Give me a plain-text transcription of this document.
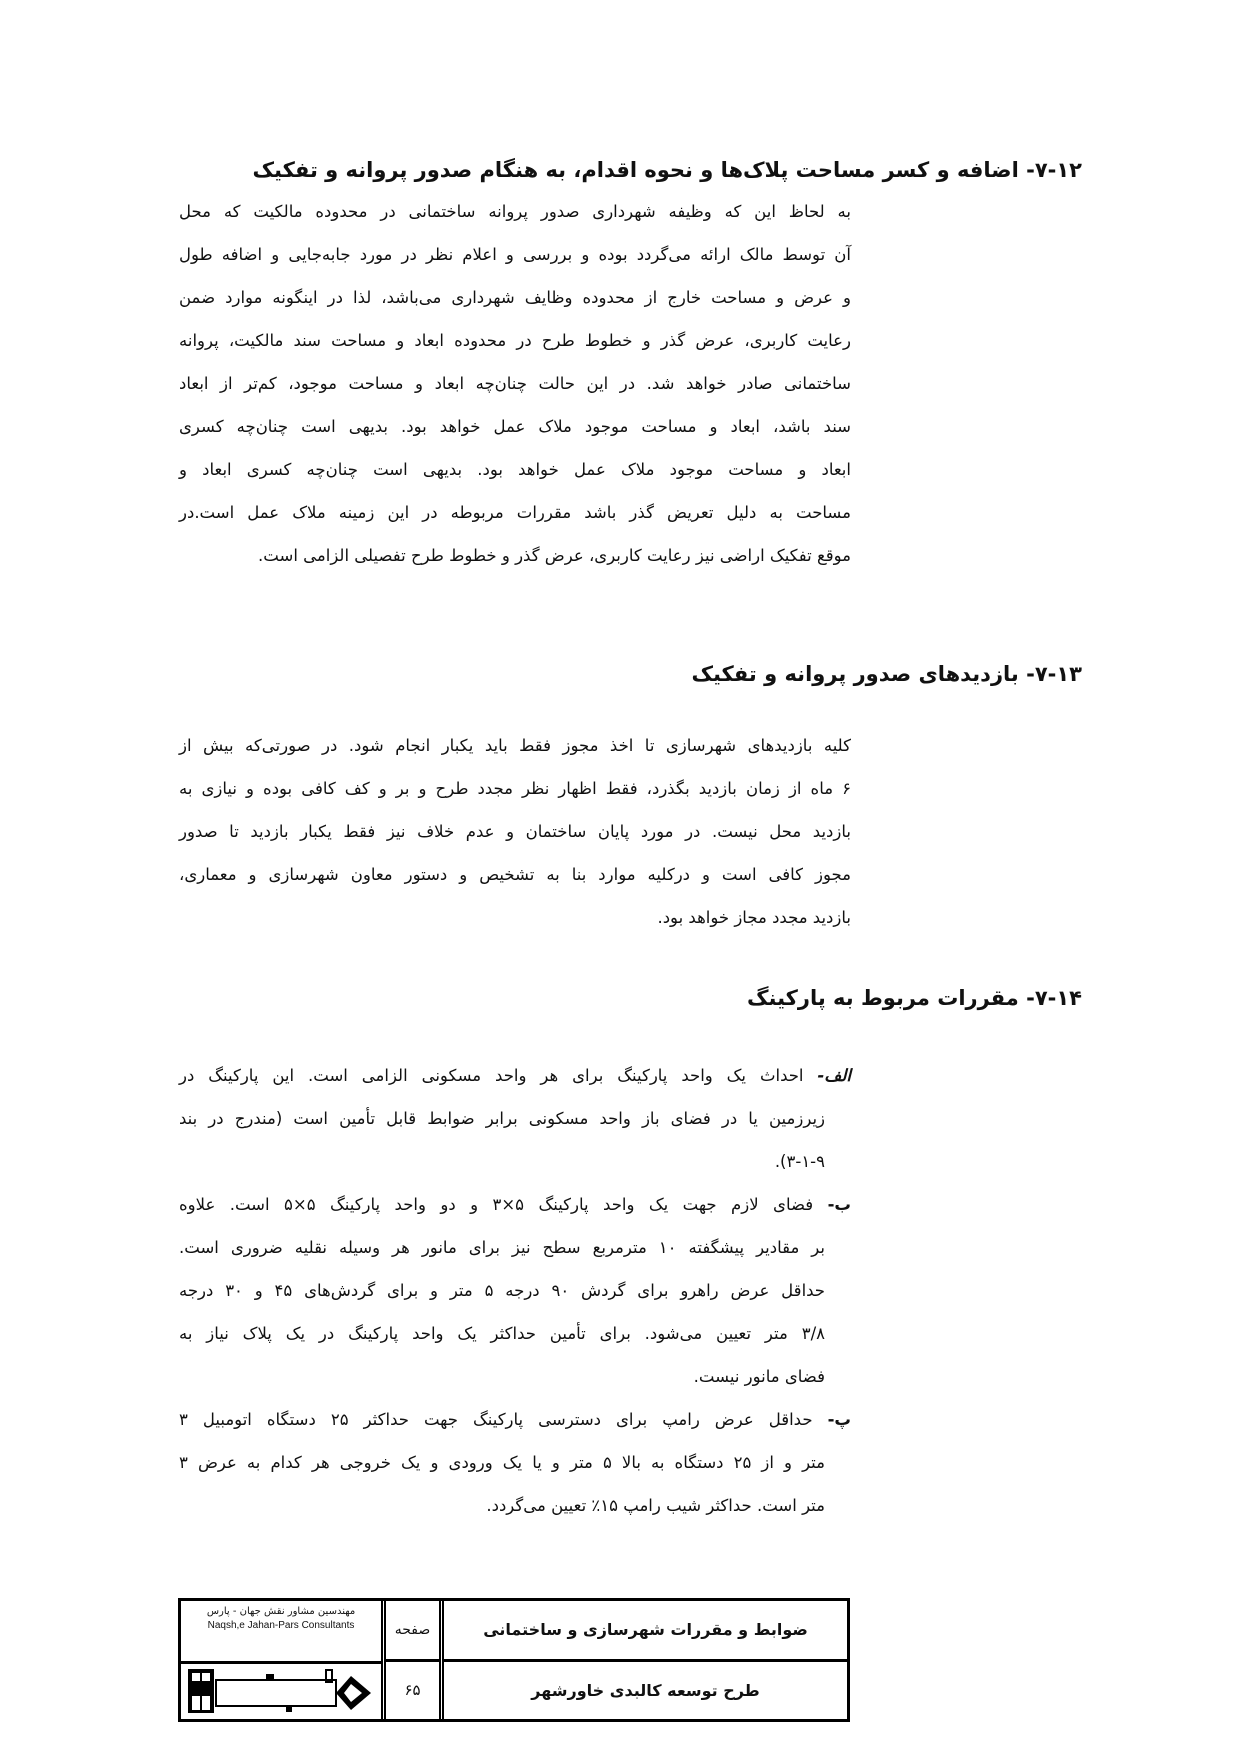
۷-۱۲- اضافه و کسر مساحت پلاک‌ها و نحوه اقدام، به هنگام صدور پروانه و تفکیک
به لحاظ این که وظیفه شهرداری صدور پروانه ساختمانی در محدوده مالکیت که محل
آن توسط مالک ارائه می‌گردد بوده و بررسی و اعلام نظر در مورد جابه‌جایی و اضافه طول
و عرض و مساحت خارج از محدوده وظایف شهرداری می‌باشد، لذا در اینگونه موارد ضمن
رعایت کاربری، عرض گذر و خطوط طرح در محدوده ابعاد و مساحت سند مالکیت، پروانه
ساختمانی صادر خواهد شد. در این حالت چنان‌چه ابعاد و مساحت موجود، کم‌تر از ابعاد
سند باشد، ابعاد و مساحت موجود ملاک عمل خواهد بود. بدیهی است چنان‌چه کسری
ابعاد و مساحت موجود ملاک عمل خواهد بود. بدیهی است چنان‌چه کسری ابعاد و
مساحت به دلیل تعریض گذر باشد مقررات مربوطه در این زمینه ملاک عمل است.در
موقع تفکیک اراضی نیز رعایت کاربری، عرض گذر و خطوط طرح تفصیلی الزامی است.
۷-۱۳- بازدیدهای صدور پروانه و تفکیک
کلیه بازدیدهای شهرسازی تا اخذ مجوز فقط باید یکبار انجام شود. در صورتی‌که بیش از
۶ ماه از زمان بازدید بگذرد، فقط اظهار نظر مجدد طرح و بر و کف کافی بوده و نیازی به
بازدید محل نیست. در مورد پایان ساختمان و عدم خلاف نیز فقط یکبار بازدید تا صدور
مجوز کافی است و درکلیه موارد بنا به تشخیص و دستور معاون شهرسازی و معماری،
بازدید مجدد مجاز خواهد بود.
۷-۱۴- مقررات مربوط به پارکینگ
الف- احداث یک واحد پارکینگ برای هر واحد مسکونی الزامی است. این پارکینگ در
زیرزمین یا در فضای باز واحد مسکونی برابر ضوابط قابل تأمین است (مندرج در بند
۳-۱-۹).
ب- فضای لازم جهت یک واحد پارکینگ ۵×۳ و دو واحد پارکینگ ۵×۵ است. علاوه
بر مقادیر پیشگفته ۱۰ مترمربع سطح نیز برای مانور هر وسیله نقلیه ضروری است.
حداقل عرض راهرو برای گردش ۹۰ درجه ۵ متر و برای گردش‌های ۴۵ و ۳۰ درجه
۳/۸ متر تعیین می‌شود. برای تأمین حداکثر یک واحد پارکینگ در یک پلاک نیاز به
فضای مانور نیست.
پ- حداقل عرض رامپ برای دسترسی پارکینگ جهت حداکثر ۲۵ دستگاه اتومبیل ۳
متر و از ۲۵ دستگاه به بالا ۵ متر و یا یک ورودی و یک خروجی هر کدام به عرض ۳
متر است. حداکثر شیب رامپ ۱۵٪ تعیین می‌گردد.
مهندسین مشاور نقش جهان - پارس
Naqsh,e Jahan-Pars Consultants	صفحه
۶۵
ضوابط و مقررات شهرسازی و ساختمانی
طرح توسعه کالبدی خاورشهر
